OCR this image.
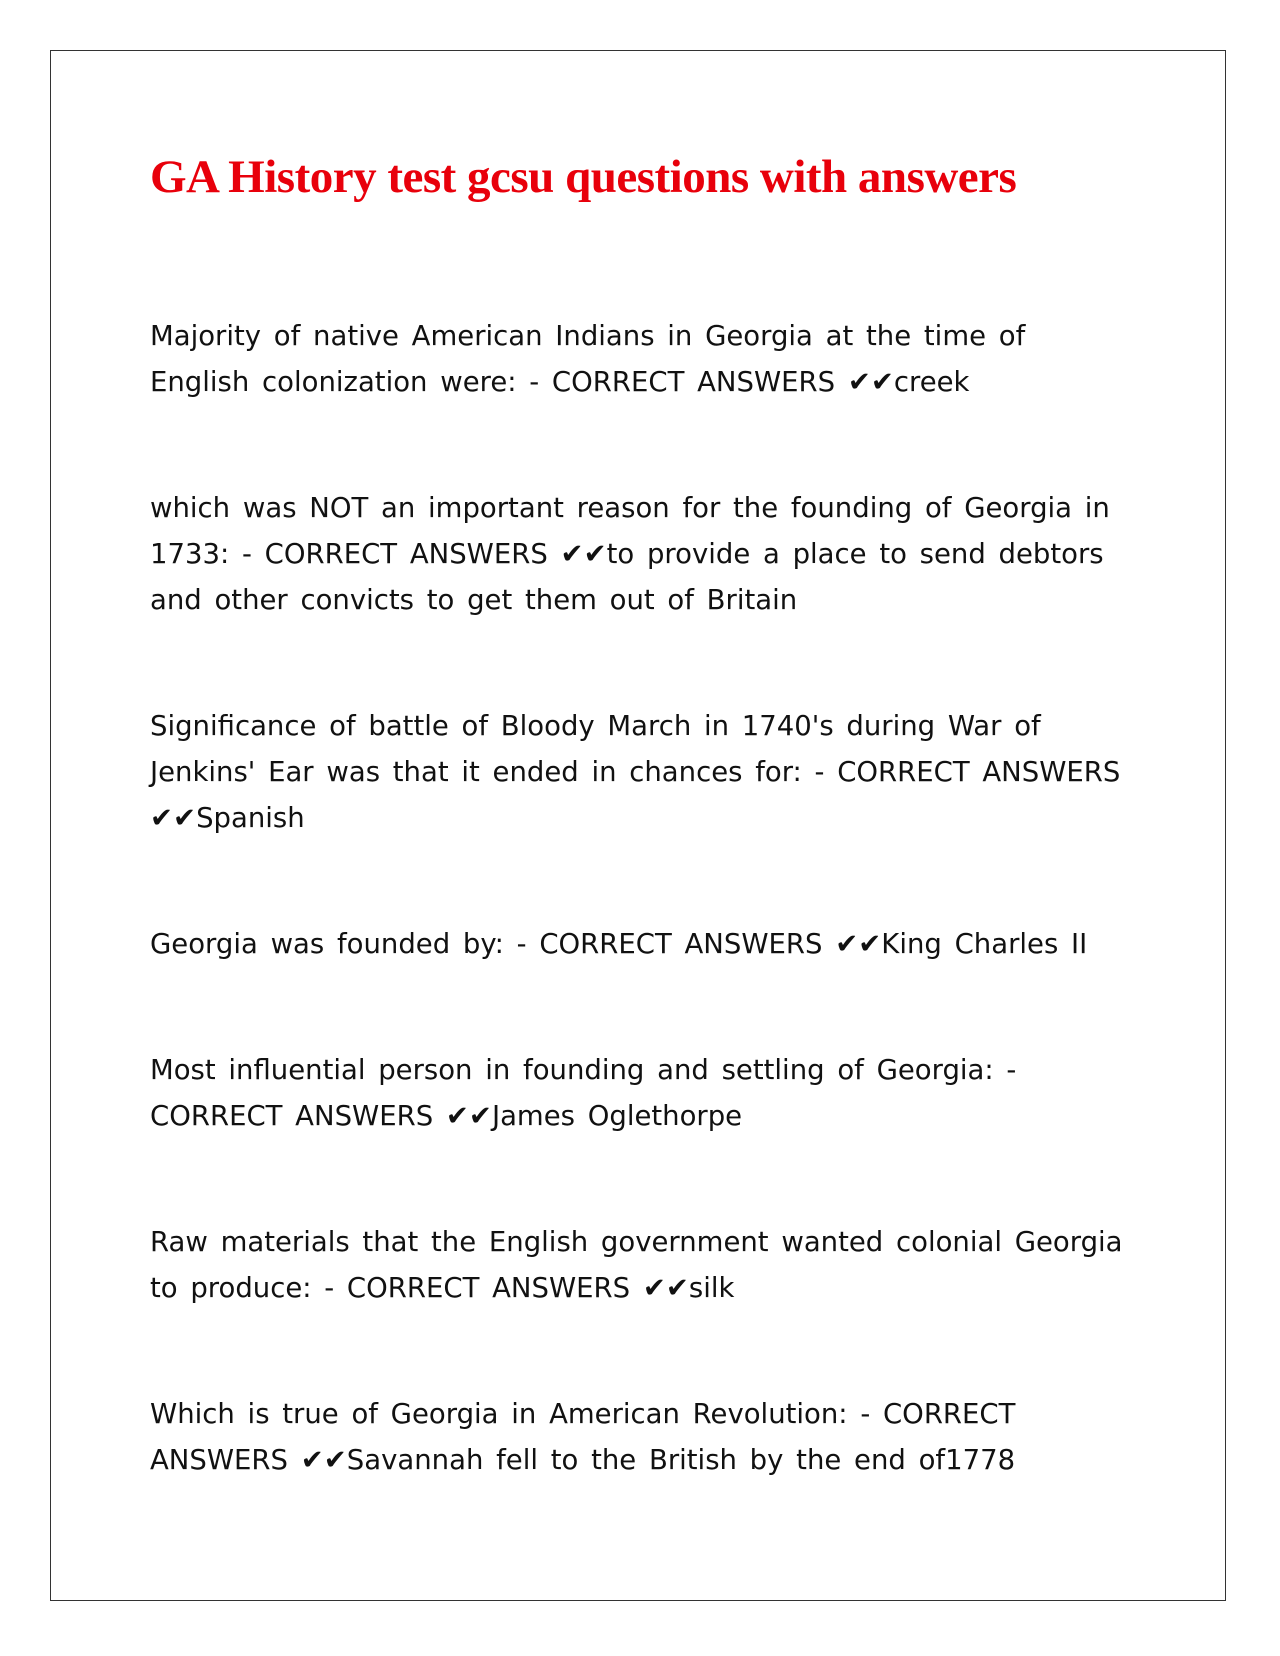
GA History test gcsu questions with answers
Majority of native American Indians in Georgia at the time of English colonization were: - CORRECT ANSWERS ✔✔creek
which was NOT an important reason for the founding of Georgia in 1733: - CORRECT ANSWERS ✔✔to provide a place to send debtors and other convicts to get them out of Britain
Significance of battle of Bloody March in 1740's during War of Jenkins' Ear was that it ended in chances for: - CORRECT ANSWERS ✔✔Spanish
Georgia was founded by: - CORRECT ANSWERS ✔✔King Charles II
Most influential person in founding and settling of Georgia: - CORRECT ANSWERS ✔✔James Oglethorpe
Raw materials that the English government wanted colonial Georgia to produce: - CORRECT ANSWERS ✔✔silk
Which is true of Georgia in American Revolution: - CORRECT ANSWERS ✔✔Savannah fell to the British by the end of1778
